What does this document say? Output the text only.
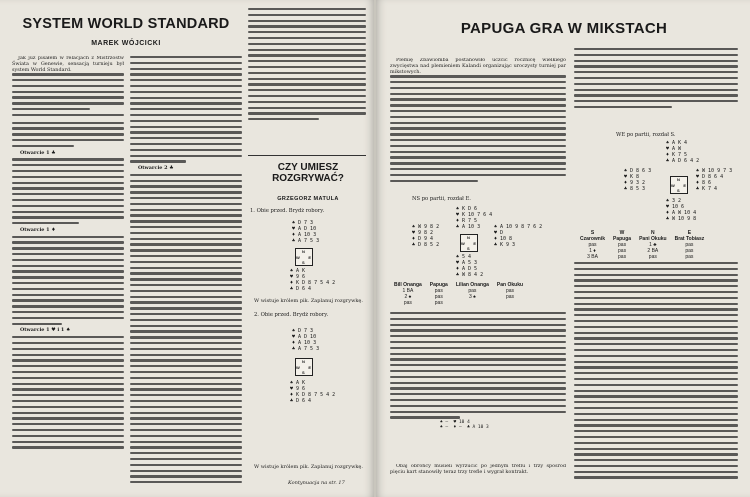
SYSTEM WORLD STANDARD
MAREK WÓJCICKI

Jak już pisałem w relacjach z Mistrzostw Świata w Genewie, sensacją turnieju był system World Standard.

Otwarcie 1 ♣
Otwarcie 1 ♦
Otwarcie 1 ♥ i 1 ♠
Otwarcie 2 ♣	CZY UMIESZ ROZGRYWAĆ?
GRZEGORZ MATULA
1. Obie przed. Brydż robory.
♠ D 7 3
♥ A D 10
♦ A 10 3
♣ A 7 5 3
N
W E
S
♠ A K
♥ 9 6
♦ K D 8 7 5 4 2
♣ D 6 4
W wistuje królem pik. Zaplanuj rozgrywkę.
2. Obie przed. Brydż robory.
♠ D 7 3
♥ A D 10
♦ A 10 3
♣ A 7 5 3
N
W E
S
♠ A K
♥ 9 6
♦ K D 8 7 5 4 2
♣ D 6 4
W wistuje królem pik. Zaplanuj rozgrywkę.
Kontynuacja na str. 17
PAPUGA GRA W MIKSTACH

Plemię Zbawiomba postanowiło uczcić rocznicę wielkiego zwycięstwa nad plemieniem Kalandi organizując uroczysty turniej par mikstowych.

NS po partii, rozdał E.
♠ K D 6
♥ K 10 7 6 4
♦ R 7 5
♣ A 10 3
♠ W 9 8 2
♥ 9 8 2
♦ D 9 4
♣ D 8 5 2
N
W E
S
♠ A 10 9 8 7 6 2
♥ D
♦ 10 8
♣ K 9 3
♠ 5 4
♥ A 5 3
♦ A D 5
♣ W 8 4 2
Bill Onanga	Papuga	Lilian Onanga	Pan Okuku
1 BA	pas	pas	pas
2 ♠	pas	3 ♠	pas
pas	pas		
♠ —  ♥ 10 4
♠ —  ♦ —  ♣ A 10 3

Obaj obrońcy musieli wyrzucić po jednym treflu i trzy spośród pięciu kart stanowiły teraz trzy trefle i wygrał kontrakt.

WE po partii, rozdał S.
♠ A K 4
♥ A W
♦ K 7 5
♣ A D 6 4 2
♠ D 8 6 3
♥ K 8
♦ 9 3 2
♣ 8 5 3
N
W E
S
♠ W 10 9 7 3
♥ D 8 6 4
♦ 8 6
♣ K 7 4
♠ 3 2
♥ 10 6
♦ A W 10 4
♣ W 10 9 8
S	W	N	E
Czarownik	Papuga	Pani Okuku	Brat Tobiasz
pas	pas	1 ♣	pas
1 ♦	pas	2 BA	pas
3 BA	pas	pas	pas
